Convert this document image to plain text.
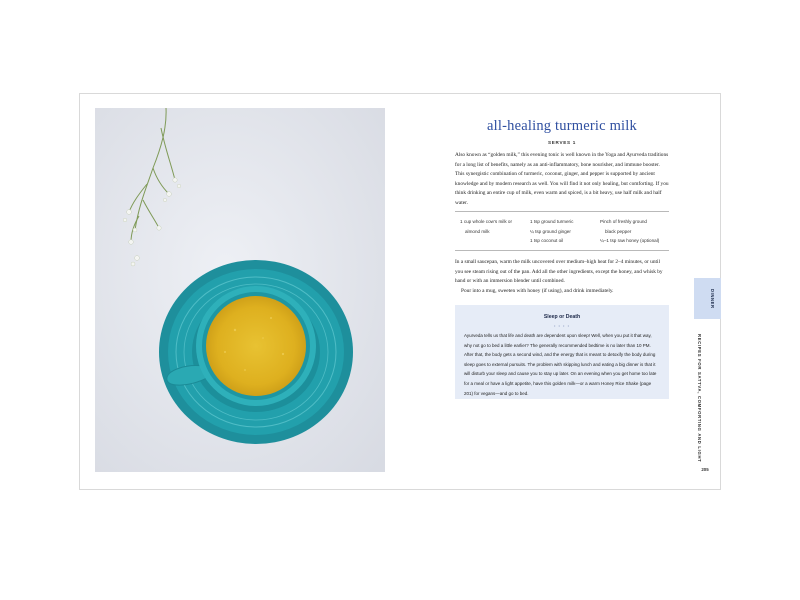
all-healing turmeric milk
SERVES 1

Also known as “golden milk,” this evening tonic is well known in the Yoga and Ayurveda traditions for a long list of benefits, namely as an anti-inflammatory, bone nourisher, and immune booster. This synergistic combination of turmeric, coconut, ginger, and pepper is supported by ancient knowledge and by modern research as well. You will find it not only healing, but comforting. If you think drinking an entire cup of milk, even warm and spiced, is a bit heavy, use half milk and half water.

1 cup whole cow’s milk or
almond milk
1 tsp ground turmeric
¼ tsp ground ginger
1 tsp coconut oil
Pinch of freshly ground
black pepper
¼–1 tsp raw honey (optional)

In a small saucepan, warm the milk uncovered over medium–high heat for 2–4 minutes, or until you see steam rising out of the pan. Add all the other ingredients, except the honey, and whisk by hand or with an immersion blender until combined.

Pour into a mug, sweeten with honey (if using), and drink immediately.

Sleep or Death
• • • •

Ayurveda tells us that life and death are dependent upon sleep! Well, when you put it that way, why not go to bed a little earlier? The generally recommended bedtime is no later than 10 PM. After that, the body gets a second wind, and the energy that is meant to detoxify the body during sleep goes to external pursuits. The problem with skipping lunch and eating a big dinner is that it will disturb your sleep and cause you to stay up later. On an evening when you get home too late for a meal or have a light appetite, have this golden milk—or a warm Honey Rice Shake (page 201) for vegans—and go to bed.

DINNER
RECIPES FOR SATTVA, COMFORTING AND LIGHT
205
